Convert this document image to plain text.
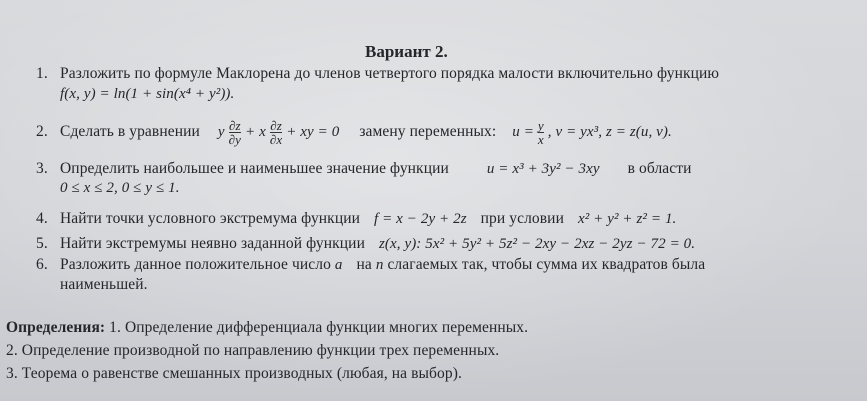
Вариант 2.
1. Разложить по формуле Маклорена до членов четвертого порядка малости включительно функцию
f(x, y) = ln(1 + sin(x⁴ + y²)).
2. Сделать в уравнении y $\frac{\partial z}{\partial y} + x \frac{\partial z}{\partial x}$ + xy = 0 замену переменных: $u = \frac{y}{x}$ , v = yx³, z = z(u, v).
3. Определить наибольшее и наименьшее значение функции	u = x³ + 3y² − 3xy в области
0 ≤ x ≤ 2, 0 ≤ y ≤ 1.
4. Найти точки условного экстремума функции f = x − 2y + 2z при условии x² + y² + z² = 1.
5. Найти экстремумы неявно заданной функции z(x, y): 5x² + 5y² + 5z² − 2xy − 2xz − 2yz − 72 = 0.
6. Разложить данное положительное число a на n слагаемых так, чтобы сумма их квадратов была
наименьшей.
Определения: 1. Определение дифференциала функции многих переменных.
2. Определение производной по направлению функции трех переменных.
3. Теорема о равенстве смешанных производных (любая, на выбор).
